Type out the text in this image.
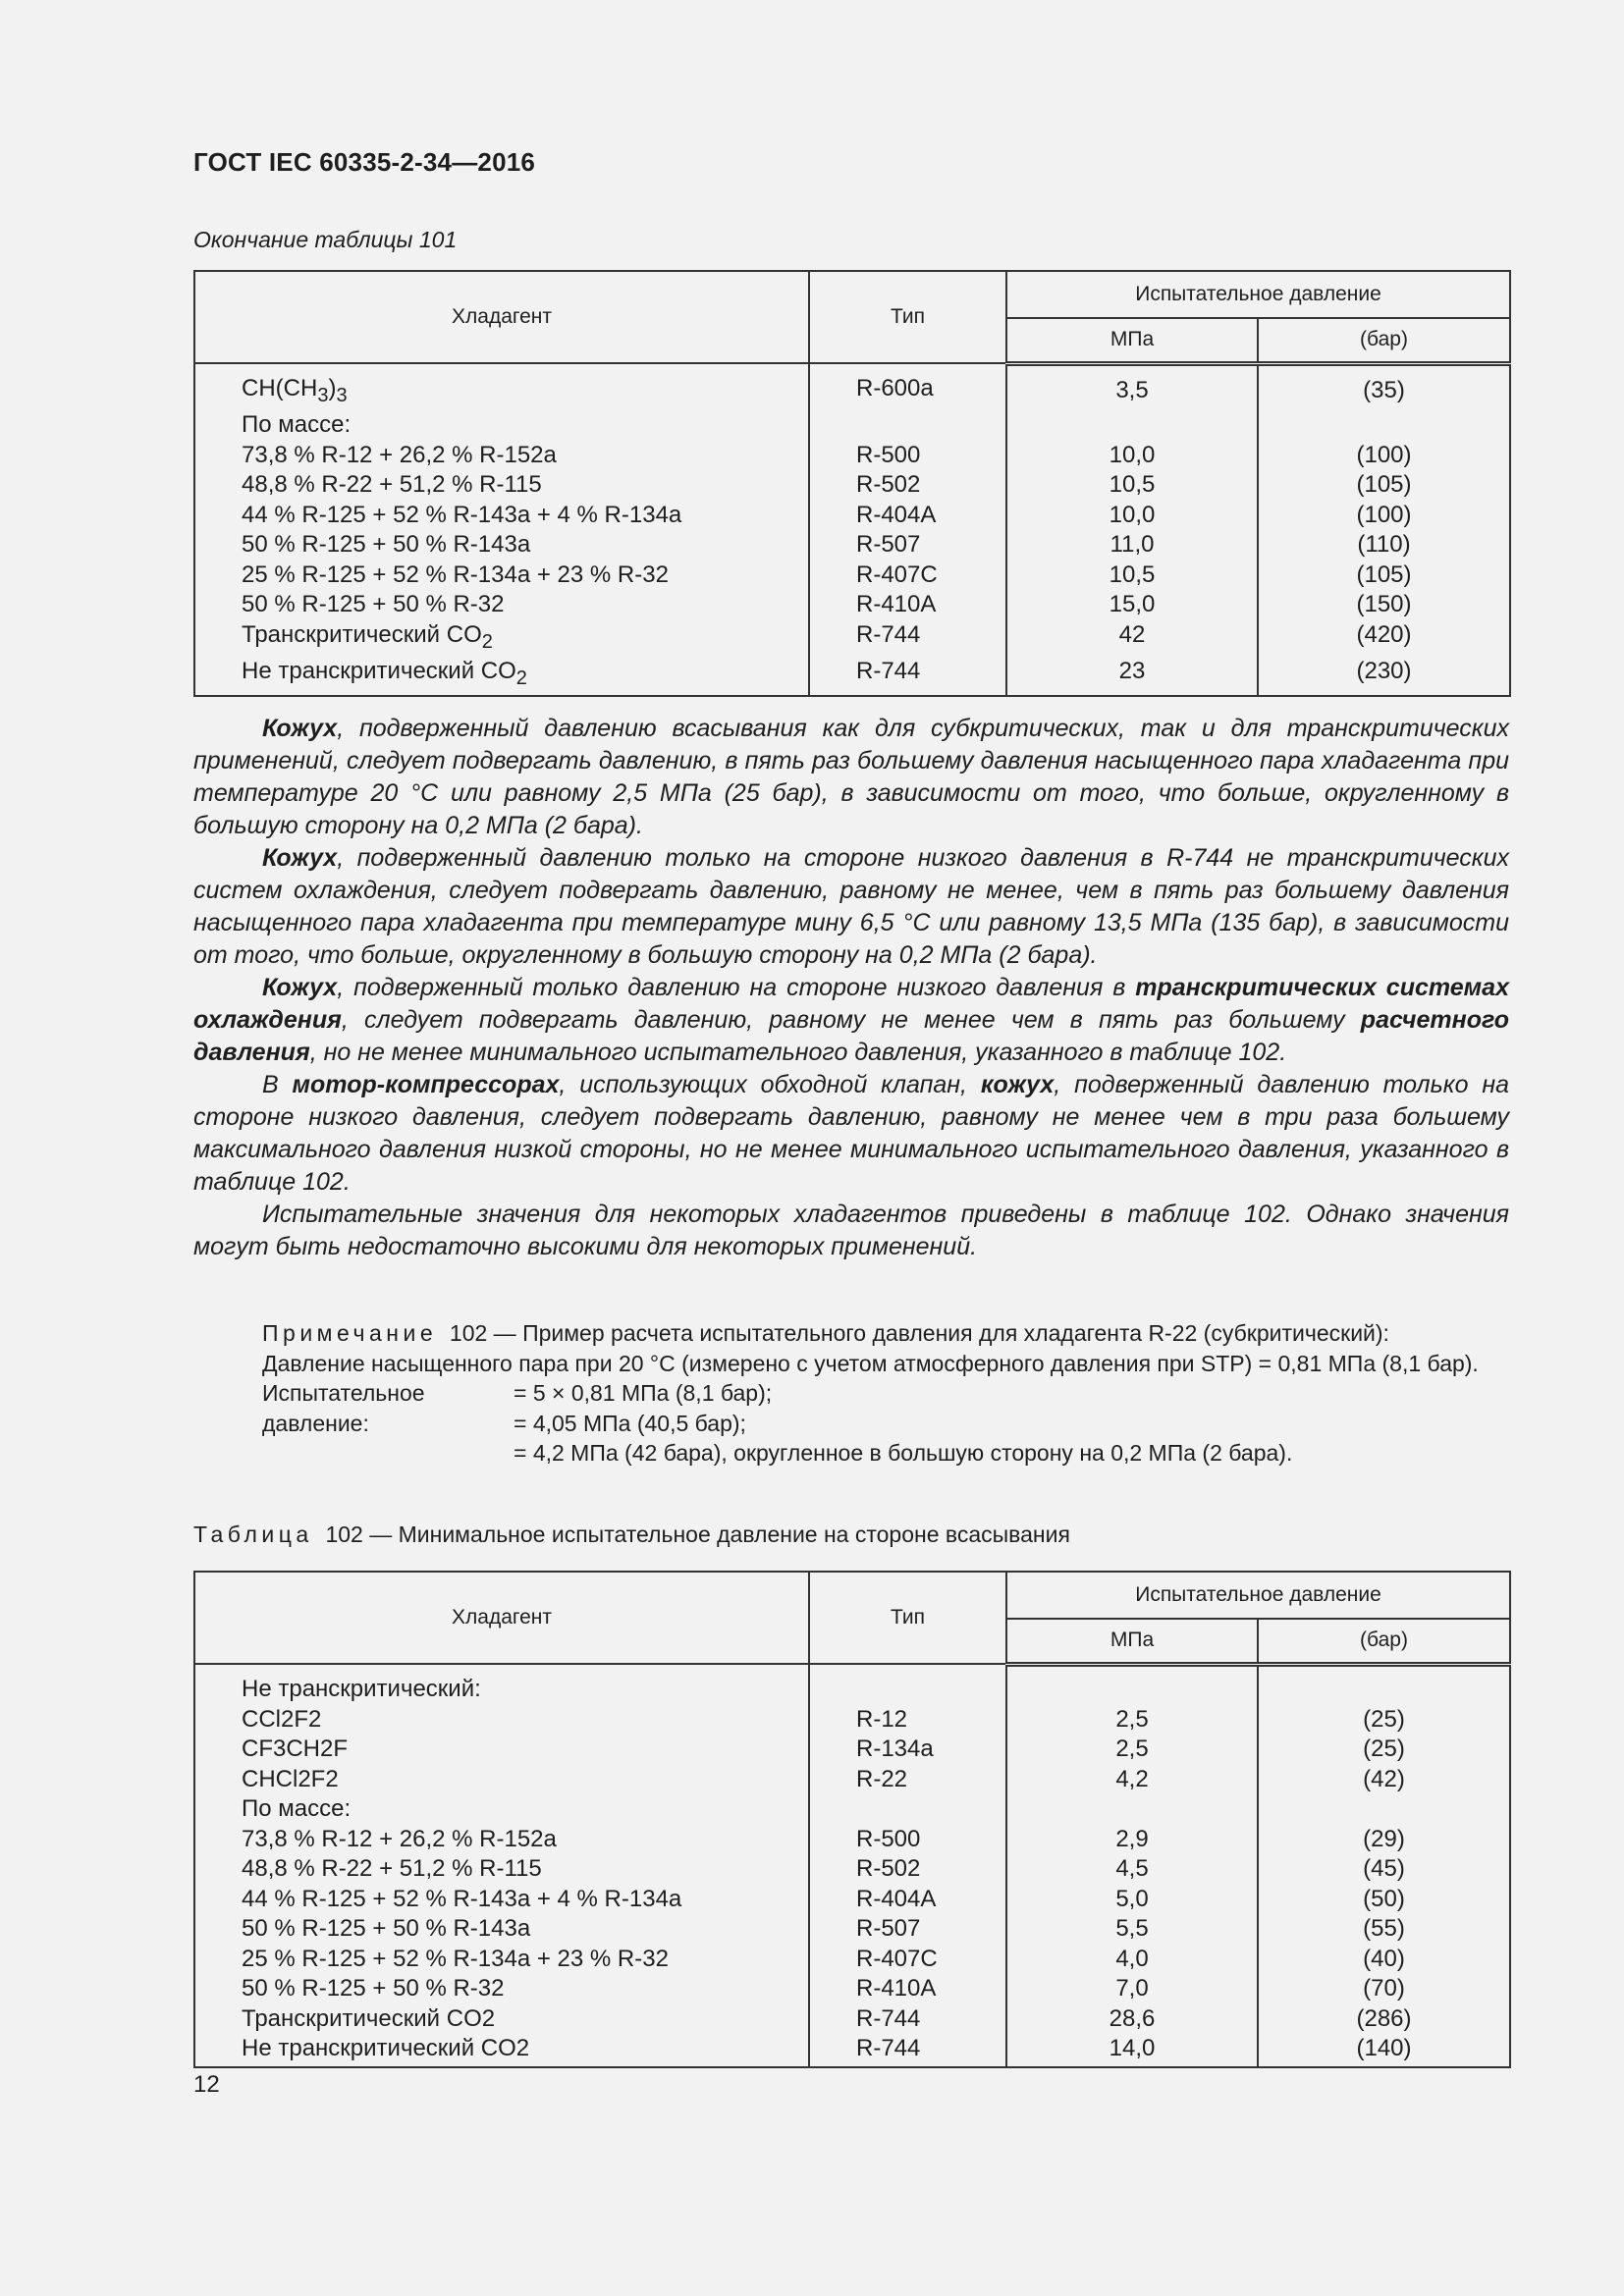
ГОСТ IEC 60335-2-34—2016
Окончание таблицы 101
Хладагент	Тип	Испытательное давление	
		МПа	(бар)
$CH(CH_3)_3$	R-600a	3,5	(35)
По массе:			
73,8 % R-12 + 26,2 % R-152a	R-500	10,0	(100)
48,8 % R-22 + 51,2 % R-115	R-502	10,5	(105)
44 % R-125 + 52 % R-143a + 4 % R-134a	R-404A	10,0	(100)
50 % R-125 + 50 % R-143a	R-507	11,0	(110)
25 % R-125 + 52 % R-134a + 23 % R-32	R-407C	10,5	(105)
50 % R-125 + 50 % R-32	R-410A	15,0	(150)
Транскритический $CO_2$	R-744	42	(420)
Не транскритический $CO_2$	R-744	23	(230)

Кожух, подверженный давлению всасывания как для субкритических, так и для транскритических применений, следует подвергать давлению, в пять раз большему давления насыщенного пара хладагента при температуре 20 °С или равному 2,5 МПа (25 бар), в зависимости от того, что больше, округленному в большую сторону на 0,2 МПа (2 бара).

Кожух, подверженный давлению только на стороне низкого давления в R-744 не транскритических систем охлаждения, следует подвергать давлению, равному не менее, чем в пять раз большему давления насыщенного пара хладагента при температуре мину 6,5 °С или равному 13,5 МПа (135 бар), в зависимости от того, что больше, округленному в большую сторону на 0,2 МПа (2 бара).

Кожух, подверженный только давлению на стороне низкого давления в транскритических системах охлаждения, следует подвергать давлению, равному не менее чем в пять раз большему расчетного давления, но не менее минимального испытательного давления, указанного в таблице 102.

В мотор-компрессорах, использующих обходной клапан, кожух, подверженный давлению только на стороне низкого давления, следует подвергать давлению, равному не менее чем в три раза большему максимального давления низкой стороны, но не менее минимального испытательного давления, указанного в таблице 102.

Испытательные значения для некоторых хладагентов приведены в таблице 102. Однако значения могут быть недостаточно высокими для некоторых применений.

Примечание 102 — Пример расчета испытательного давления для хладагента R-22 (субкритический):

Давление насыщенного пара при 20 °С (измерено с учетом атмосферного давления при STP) = 0,81 МПа (8,1 бар).

Испытательное давление:
= 5 × 0,81 МПа (8,1 бар);
= 4,05 МПа (40,5 бар);
= 4,2 МПа (42 бара), округленное в большую сторону на 0,2 МПа (2 бара).
Таблица 102 — Минимальное испытательное давление на стороне всасывания
Хладагент	Тип	Испытательное давление	
		МПа	(бар)
Не транскритический:			
CCl2F2	R-12	2,5	(25)
CF3CH2F	R-134a	2,5	(25)
CHCl2F2	R-22	4,2	(42)
По массе:			
73,8 % R-12 + 26,2 % R-152a	R-500	2,9	(29)
48,8 % R-22 + 51,2 % R-115	R-502	4,5	(45)
44 % R-125 + 52 % R-143a + 4 % R-134a	R-404A	5,0	(50)
50 % R-125 + 50 % R-143a	R-507	5,5	(55)
25 % R-125 + 52 % R-134a + 23 % R-32	R-407C	4,0	(40)
50 % R-125 + 50 % R-32	R-410A	7,0	(70)
Транскритический CO2	R-744	28,6	(286)
Не транскритический CO2	R-744	14,0	(140)
12
